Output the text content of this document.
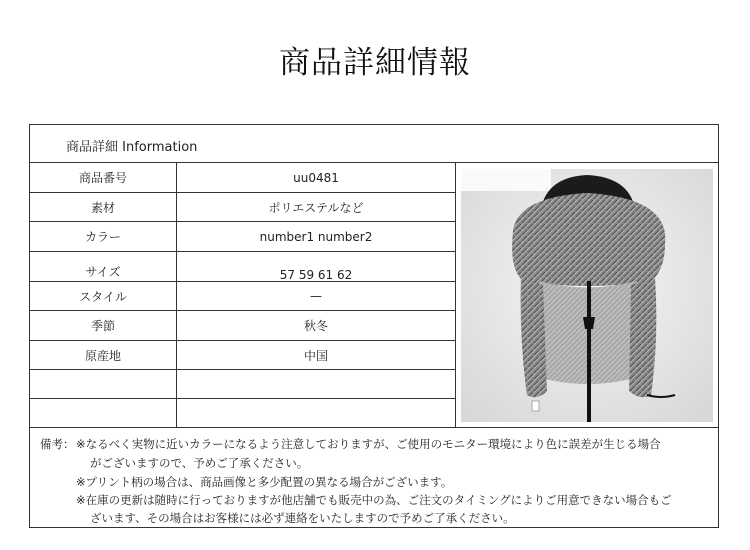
商品詳細情報
商品詳細 Information
商品番号	uu0481
素材	ポリエステルなど
カラー	number1 number2
サイズ	57 59 61 62
スタイル	—
季節	秋冬
原産地	中国
備考： ※なるべく実物に近いカラーになるよう注意しておりますが、ご使用のモニター環境により色に誤差が生じる場合
がございますので、予めご了承ください。
※プリント柄の場合は、商品画像と多少配置の異なる場合がございます。
※在庫の更新は随時に行っておりますが他店舗でも販売中の為、ご注文のタイミングによりご用意できない場合もご
ざいます、その場合はお客様には必ず連絡をいたしますので予めご了承ください。
